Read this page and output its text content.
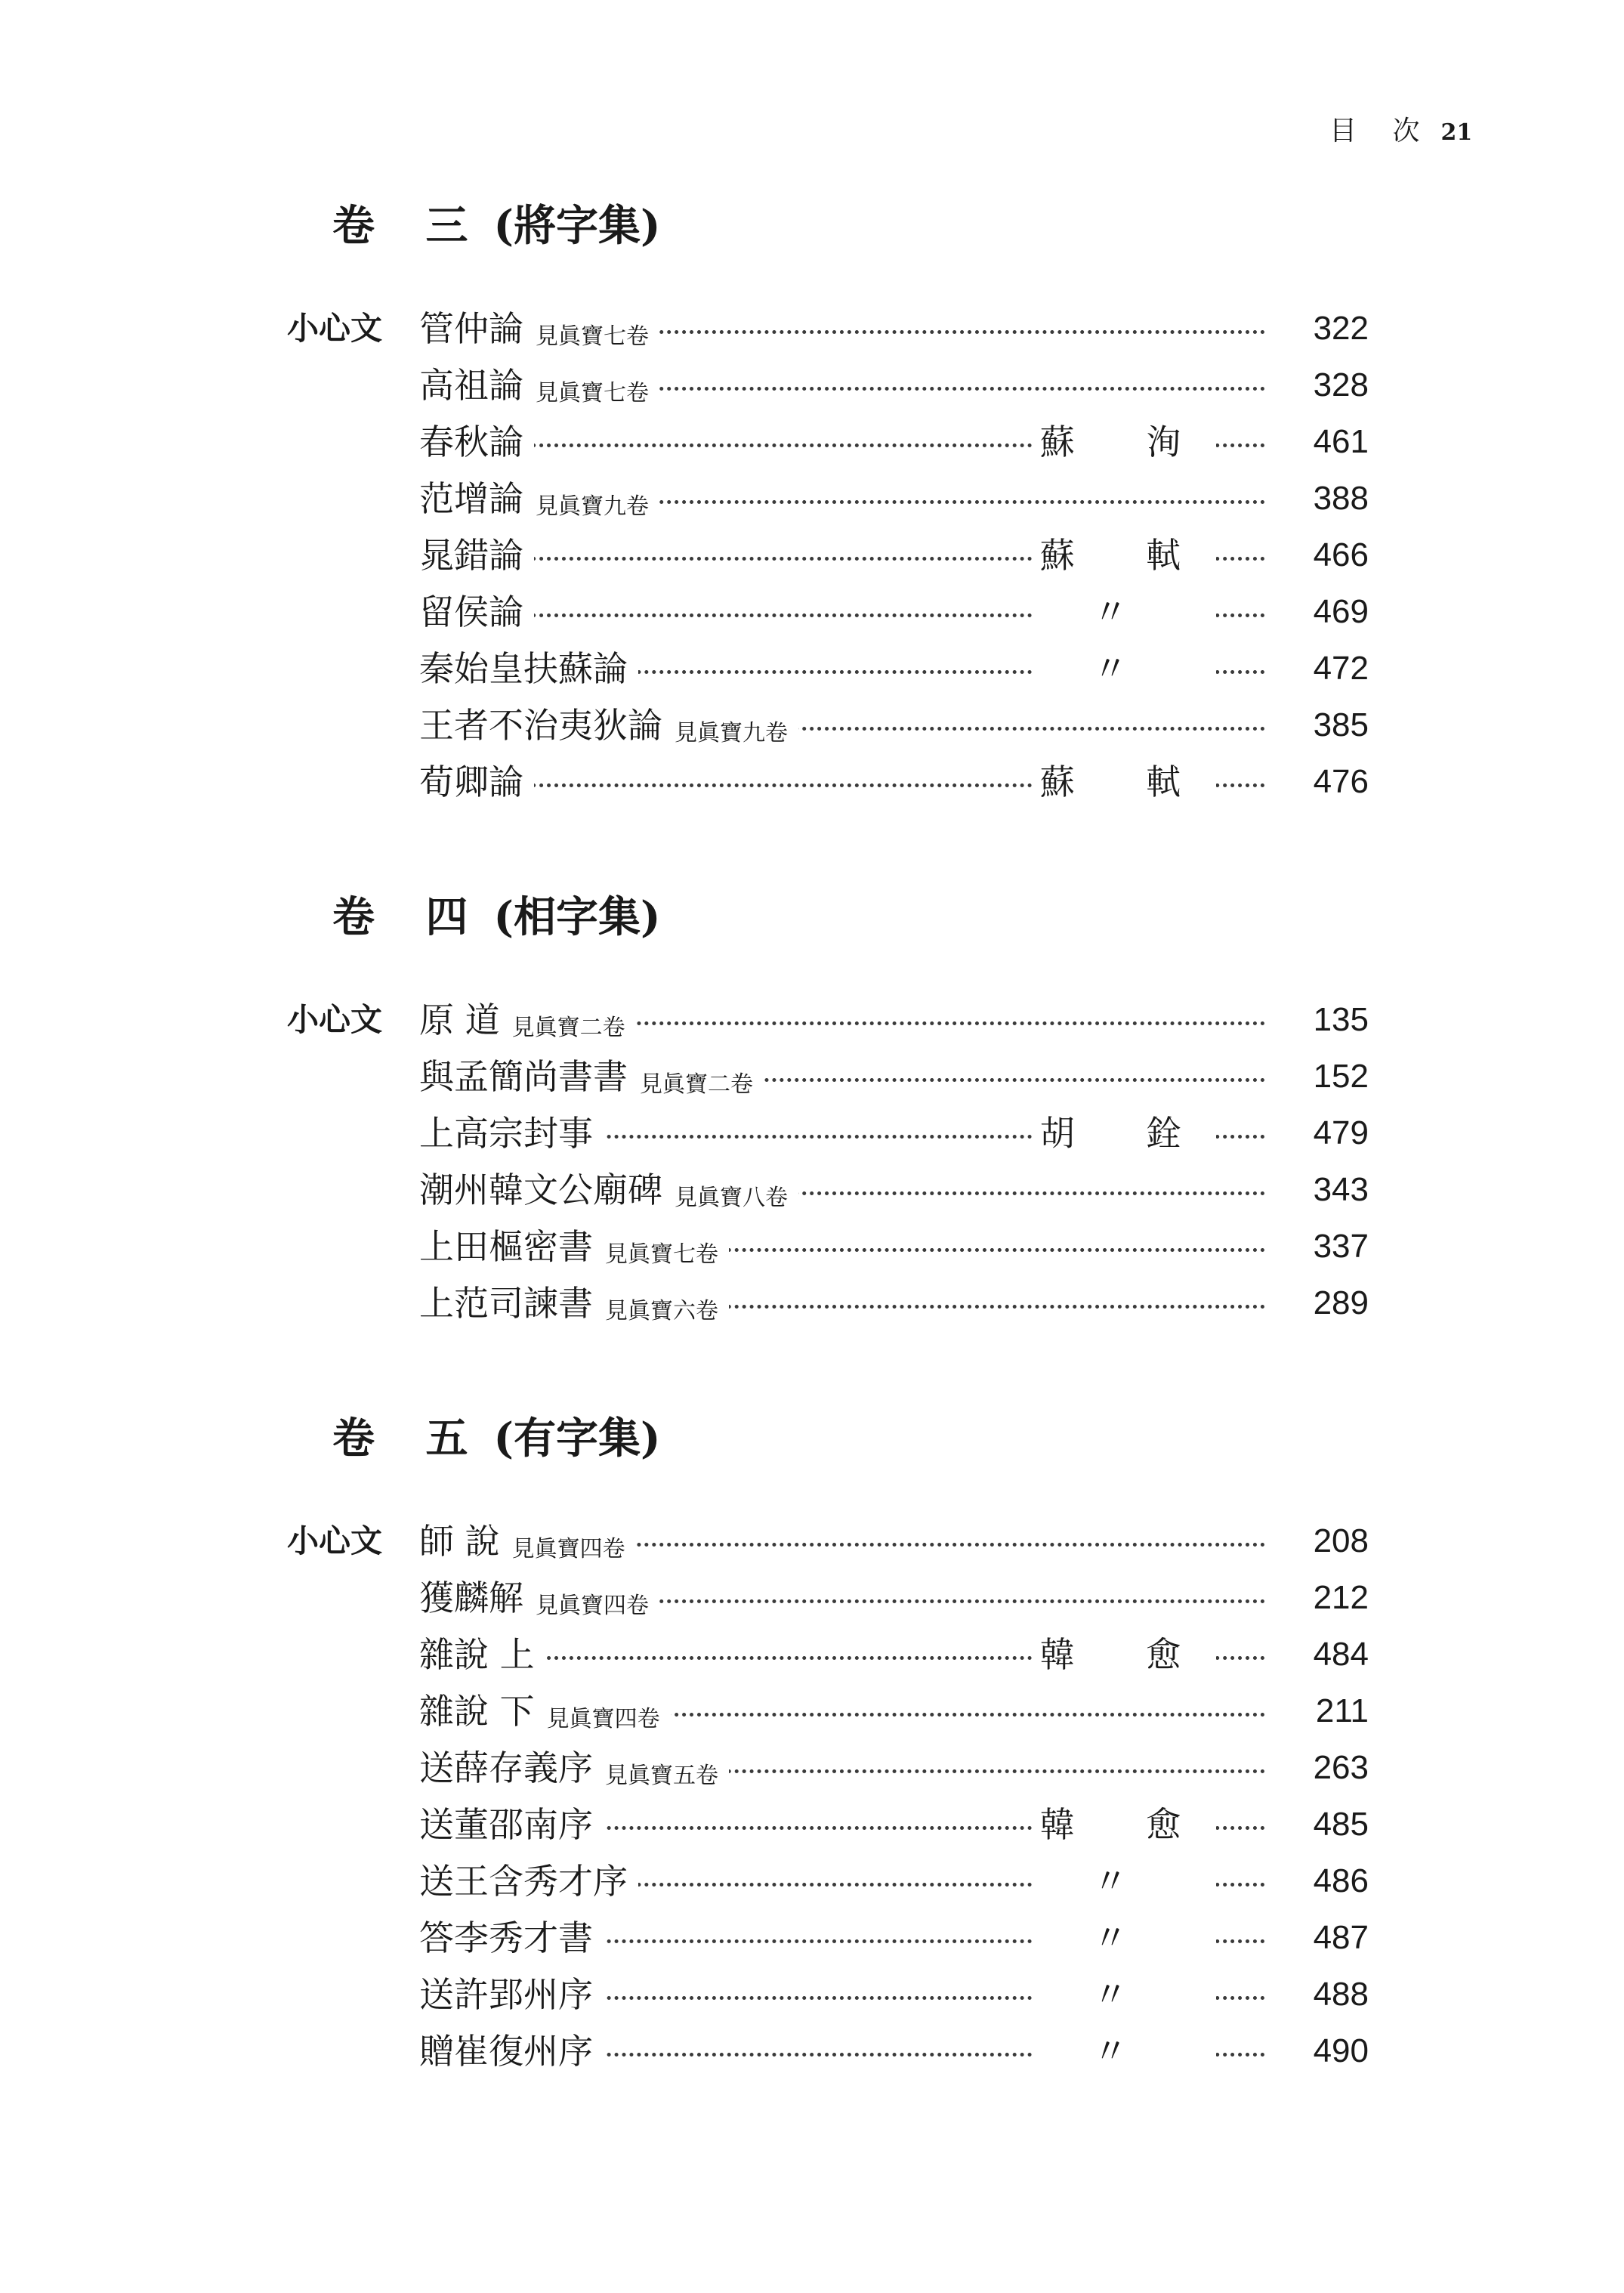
目 次 21
卷 三 (將字集)
小心文 管仲論 見眞寶七卷	322
高祖論 見眞寶七卷	328
春秋論	蘇 洵	461
范增論 見眞寶九卷	388
晁錯論	蘇 軾	466
留侯論	〃	469
秦始皇扶蘇論	〃	472
王者不治夷狄論 見眞寶九卷	385
荀卿論	蘇 軾	476
卷 四 (相字集)
小心文 原 道 見眞寶二卷	135
與孟簡尚書書 見眞寶二卷	152
上高宗封事	胡 銓	479
潮州韓文公廟碑 見眞寶八卷	343
上田樞密書 見眞寶七卷	337
上范司諫書 見眞寶六卷	289
卷 五 (有字集)
小心文 師 說 見眞寶四卷	208
獲麟解 見眞寶四卷	212
雜說 上	韓 愈	484
雜說 下 見眞寶四卷	211
送薛存義序 見眞寶五卷	263
送董邵南序	韓 愈	485
送王含秀才序	〃	486
答李秀才書	〃	487
送許郢州序	〃	488
贈崔復州序	〃	490
